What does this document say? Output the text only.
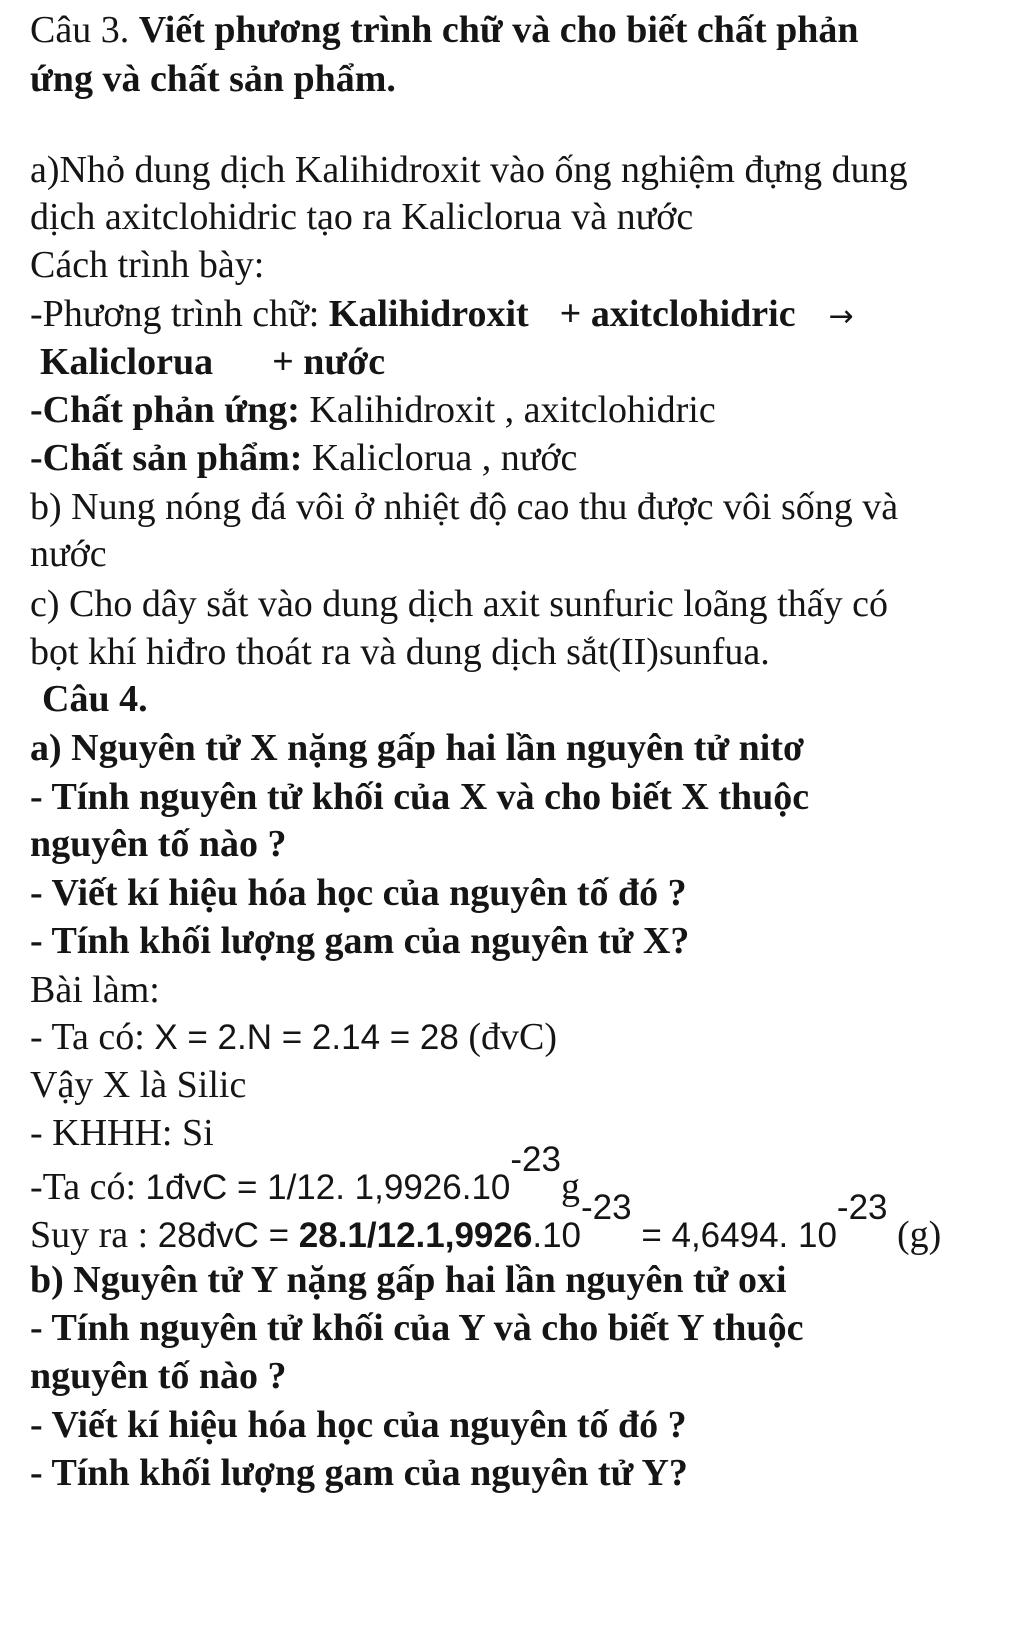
Câu 3. Viết phương trình chữ và cho biết chất phản
ứng và chất sản phẩm.
a)Nhỏ dung dịch Kalihidroxit vào ống nghiệm đựng dung
dịch axitclohidric tạo ra Kaliclorua và nước
Cách trình bày:
-Phương trình chữ: Kalihidroxit + axitclohidric →
Kaliclorua + nước
-Chất phản ứng: Kalihidroxit , axitclohidric
-Chất sản phẩm: Kaliclorua , nước
b) Nung nóng đá vôi ở nhiệt độ cao thu được vôi sống và
nước
c) Cho dây sắt vào dung dịch axit sunfuric loãng thấy có
bọt khí hiđro thoát ra và dung dịch sắt(II)sunfua.
Câu 4.
a) Nguyên tử X nặng gấp hai lần nguyên tử nitơ
- Tính nguyên tử khối của X và cho biết X thuộc
nguyên tố nào ?
- Viết kí hiệu hóa học của nguyên tố đó ?
- Tính khối lượng gam của nguyên tử X?
Bài làm:
- Ta có: X = 2.N = 2.14 = 28 (đvC)
Vậy X là Silic
- KHHH: Si
-Ta có: 1đvC = 1/12. $1,9926.10^{-23}g$
Suy ra : 28đvC = $28.1/12.1,9926.10^{-23} = 4,6494$. $10^{-23}$ (g)
b) Nguyên tử Y nặng gấp hai lần nguyên tử oxi
- Tính nguyên tử khối của Y và cho biết Y thuộc
nguyên tố nào ?
- Viết kí hiệu hóa học của nguyên tố đó ?
- Tính khối lượng gam của nguyên tử Y?
